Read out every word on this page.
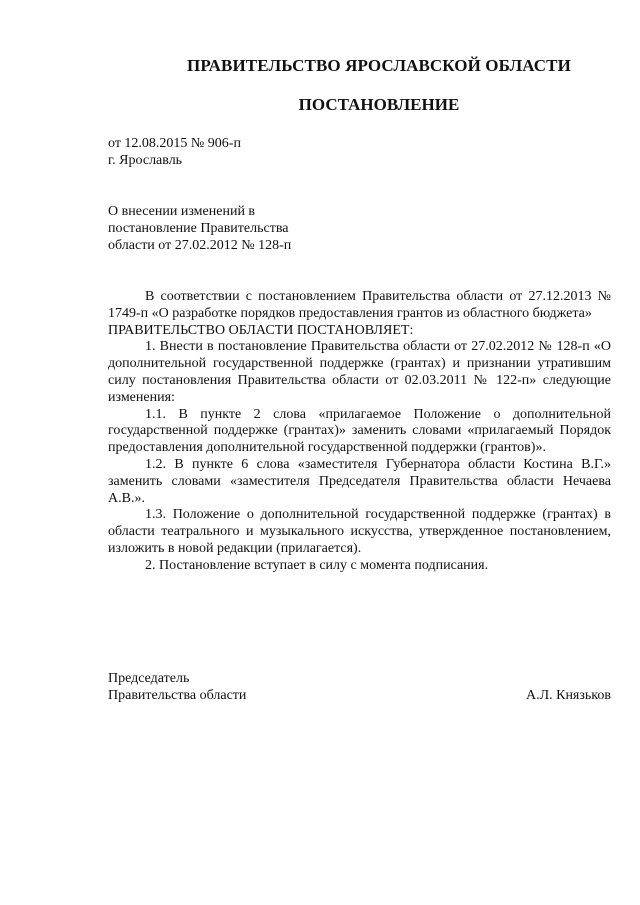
ПРАВИТЕЛЬСТВО ЯРОСЛАВСКОЙ ОБЛАСТИ
ПОСТАНОВЛЕНИЕ
от 12.08.2015 № 906-п
г. Ярославль
О внесении изменений в
постановление Правительства
области от 27.02.2012 № 128-п

В соответствии с постановлением Правительства области от 27.12.2013 № 1749-п «О разработке порядков предоставления грантов из областного бюджета»

ПРАВИТЕЛЬСТВО ОБЛАСТИ ПОСТАНОВЛЯЕТ:

1. Внести в постановление Правительства области от 27.02.2012 № 128-п «О дополнительной государственной поддержке (грантах) и признании утратившим силу постановления Правительства области от 02.03.2011 № 122-п» следующие изменения:

1.1. В пункте 2 слова «прилагаемое Положение о дополнительной государственной поддержке (грантах)» заменить словами «прилагаемый Порядок предоставления дополнительной государственной поддержки (грантов)».

1.2. В пункте 6 слова «заместителя Губернатора области Костина В.Г.» заменить словами «заместителя Председателя Правительства области Нечаева А.В.».

1.3. Положение о дополнительной государственной поддержке (грантах) в области театрального и музыкального искусства, утвержденное постановлением, изложить в новой редакции (прилагается).

2. Постановление вступает в силу с момента подписания.

Председатель
Правительства области	А.Л. Князьков
